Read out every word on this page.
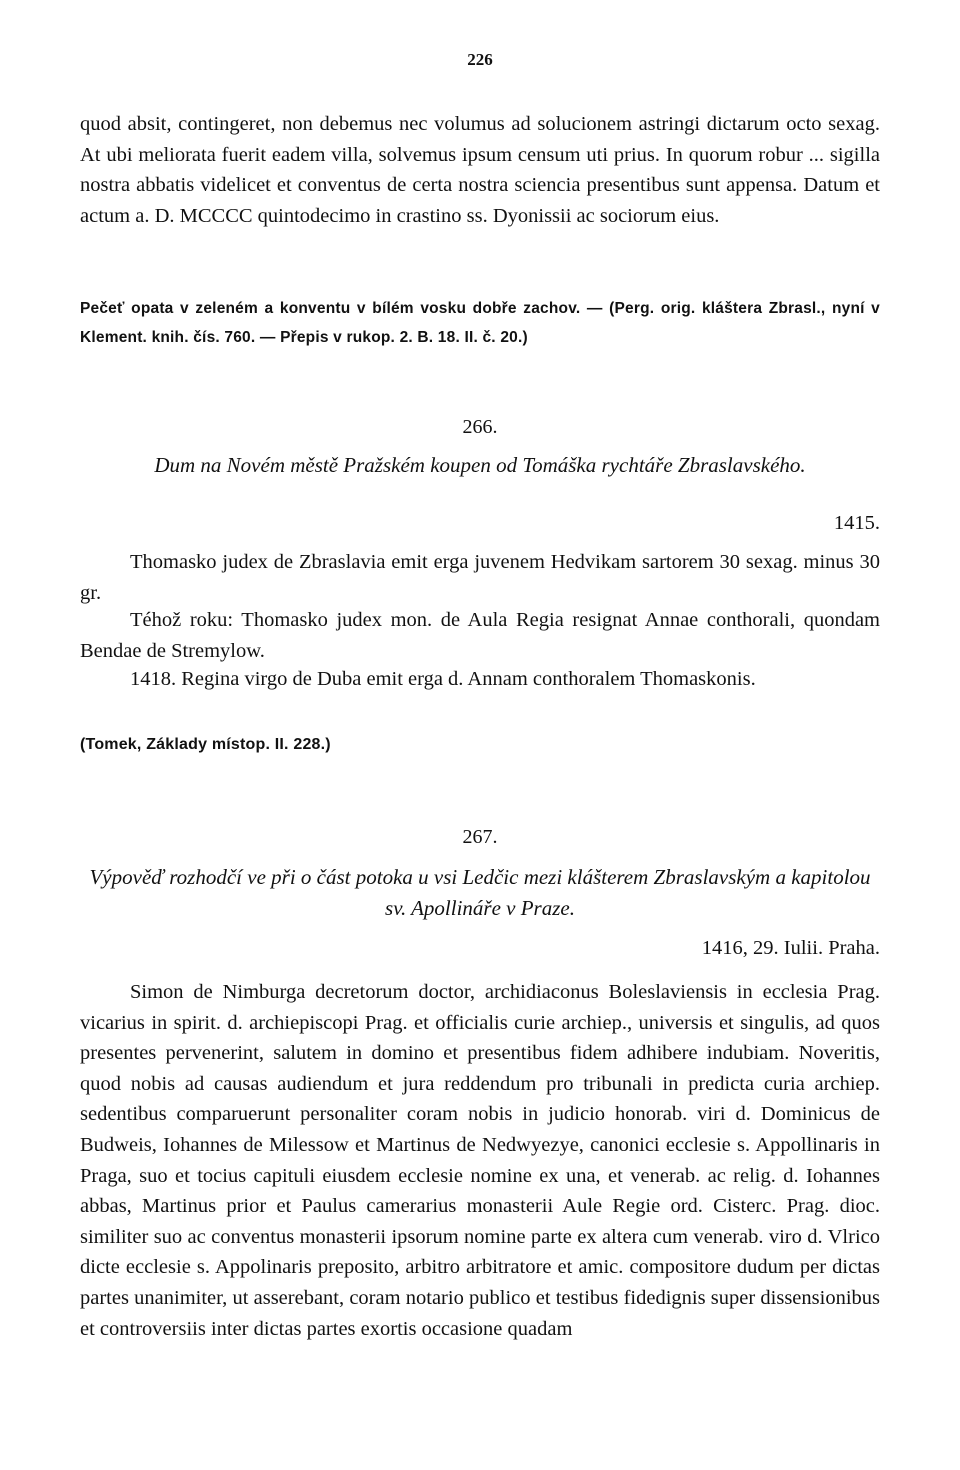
226
quod absit, contingeret, non debemus nec volumus ad solucionem astringi dictarum octo sexag. At ubi meliorata fuerit eadem villa, solvemus ipsum censum uti prius. In quorum robur ... sigilla nostra abbatis videlicet et conventus de certa nostra sciencia presentibus sunt appensa. Datum et actum a. D. MCCCC quintodecimo in crastino ss. Dyonissii ac sociorum eius.
Pečeť opata v zeleném a konventu v bílém vosku dobře zachov. — (Perg. orig. kláštera Zbrasl., nyní v Klement. knih. čís. 760. — Přepis v rukop. 2. B. 18. II. č. 20.)
266.
Dum na Novém městě Pražském koupen od Tomáška rychtáře Zbraslavského.
1415.
Thomasko judex de Zbraslavia emit erga juvenem Hedvikam sartorem 30 sexag. minus 30 gr.
Téhož roku: Thomasko judex mon. de Aula Regia resignat Annae conthorali, quondam Bendae de Stremylow.
1418. Regina virgo de Duba emit erga d. Annam conthoralem Thomaskonis.
(Tomek, Základy místop. II. 228.)
267.
Výpověď rozhodčí ve při o část potoka u vsi Ledčic mezi klášterem Zbraslavským a kapitolou sv. Apollináře v Praze.
1416, 29. Iulii. Praha.
Simon de Nimburga decretorum doctor, archidiaconus Boleslaviensis in ecclesia Prag. vicarius in spirit. d. archiepiscopi Prag. et officialis curie archiep., universis et singulis, ad quos presentes pervenerint, salutem in domino et presentibus fidem adhibere indubiam. Noveritis, quod nobis ad causas audiendum et jura reddendum pro tribunali in predicta curia archiep. sedentibus comparuerunt personaliter coram nobis in judicio honorab. viri d. Dominicus de Budweis, Iohannes de Milessow et Martinus de Nedwyezye, canonici ecclesie s. Appollinaris in Praga, suo et tocius capituli eiusdem ecclesie nomine ex una, et venerab. ac relig. d. Iohannes abbas, Martinus prior et Paulus camerarius monasterii Aule Regie ord. Cisterc. Prag. dioc. similiter suo ac conventus monasterii ipsorum nomine parte ex altera cum venerab. viro d. Vlrico dicte ecclesie s. Appolinaris preposito, arbitro arbitratore et amic. compositore dudum per dictas partes unanimiter, ut asserebant, coram notario publico et testibus fidedignis super dissensionibus et controversiis inter dictas partes exortis occasione quadam
